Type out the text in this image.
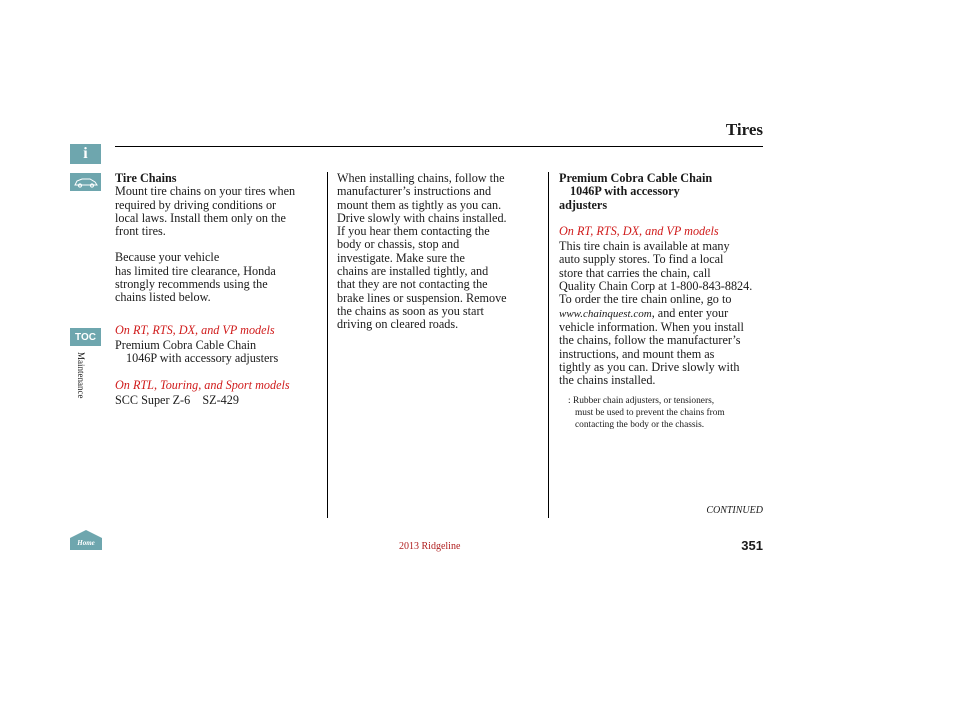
i
TOC
Maintenance
Home
Tires

Tire Chains

Mount tire chains on your tires when

required by driving conditions or

local laws. Install them only on the

front tires.

Because your vehicle

has limited tire clearance, Honda

strongly recommends using the

chains listed below.

On RT, RTS, DX, and VP models

Premium Cobra Cable Chain

1046P with accessory adjusters

On RTL, Touring, and Sport models

SCC Super Z-6    SZ-429

When installing chains, follow the

manufacturer’s instructions and

mount them as tightly as you can.

Drive slowly with chains installed.

If you hear them contacting the

body or chassis, stop and

investigate. Make sure the

chains are installed tightly, and

that they are not contacting the

brake lines or suspension. Remove

the chains as soon as you start

driving on cleared roads.

Premium Cobra Cable Chain

1046P with accessory

adjusters

On RT, RTS, DX, and VP models

This tire chain is available at many

auto supply stores. To find a local

store that carries the chain, call

Quality Chain Corp at 1-800-843-8824.

To order the tire chain online, go to

www.chainquest.com, and enter your

vehicle information. When you install

the chains, follow the manufacturer’s

instructions, and mount them as

tightly as you can. Drive slowly with

the chains installed.

: Rubber chain adjusters, or tensioners,

must be used to prevent the chains from

contacting the body or the chassis.

CONTINUED
2013 Ridgeline	351
